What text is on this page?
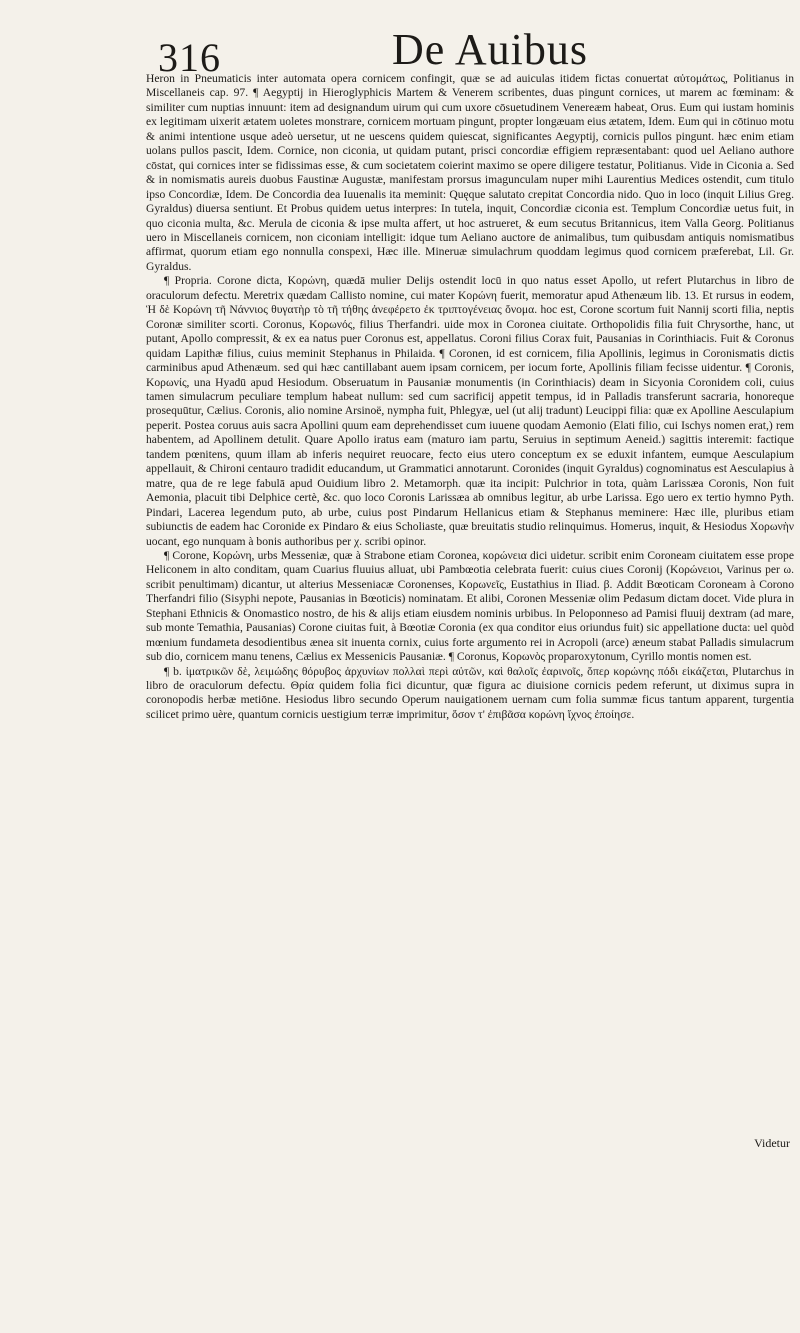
316	De Auibus

Heron in Pneumaticis inter automata opera cornicem confingit, quæ se ad auiculas itidem fictas conuertat αὐτομάτως, Politianus in Miscellaneis cap. 97. ¶ Aegyptij in Hieroglyphicis Martem & Venerem scribentes, duas pingunt cornices, ut marem ac fœminam: & similiter cum nuptias innuunt: item ad designandum uirum qui cum uxore cōsuetudinem Venereæm habeat, Orus. Eum qui iustam hominis ex legitimam uixerit ætatem uoletes monstrare, cornicem mortuam pingunt, propter longæuam eius ætatem, Idem. Eum qui in cōtinuo motu & animi intentione usque adeò uersetur, ut ne uescens quidem quiescat, significantes Aegyptij, cornicis pullos pingunt. hæc enim etiam uolans pullos pascit, Idem. Cornice, non ciconia, ut quidam putant, prisci concordiæ effigiem repræsentabant: quod uel Aeliano authore cōstat, qui cornices inter se fidissimas esse, & cum societatem coierint maximo se opere diligere testatur, Politianus. Vide in Ciconia a. Sed & in nomismatis aureis duobus Faustinæ Augustæ, manifestam prorsus imagunculam nuper mihi Laurentius Medices ostendit, cum titulo ipso Concordiæ, Idem. De Concordia dea Iuuenalis ita meminit: Quęque salutato crepitat Concordia nido. Quo in loco (inquit Lilius Greg. Gyraldus) diuersa sentiunt. Et Probus quidem uetus interpres: In tutela, inquit, Concordiæ ciconia est. Templum Concordiæ uetus fuit, in quo ciconia multa, &c. Merula de ciconia & ipse multa affert, ut hoc astrueret, & eum secutus Britannicus, item Valla Georg. Politianus uero in Miscellaneis cornicem, non ciconiam intelligit: idque tum Aeliano auctore de animalibus, tum quibusdam antiquis nomismatibus affirmat, quorum etiam ego nonnulla conspexi, Hæc ille. Mineruæ simulachrum quoddam legimus quod cornicem præferebat, Lil. Gr. Gyraldus.

¶ Propria. Corone dicta, Κορώνη, quædā mulier Delijs ostendit locū in quo natus esset Apollo, ut refert Plutarchus in libro de oraculorum defectu. Meretrix quædam Callisto nomine, cui mater Κορώνη fuerit, memoratur apud Athenæum lib. 13. Et rursus in eodem, Ἡ δὲ Κορώνη τῆ Νάννιος θυγατὴρ τὸ τῆ τήθης ἀνεφέρετο ἐκ τριπτογένειας ὄνομα. hoc est, Corone scortum fuit Nannij scorti filia, neptis Coronæ similiter scorti. Coronus, Κορωνός, filius Therfandri. uide mox in Coronea ciuitate. Orthopolidis filia fuit Chrysorthe, hanc, ut putant, Apollo compressit, & ex ea natus puer Coronus est, appellatus. Coroni filius Corax fuit, Pausanias in Corinthiacis. Fuit & Coronus quidam Lapithæ filius, cuius meminit Stephanus in Philaida. ¶ Coronen, id est cornicem, filia Apollinis, legimus in Coronismatis dictis carminibus apud Athenæum. sed qui hæc cantillabant auem ipsam cornicem, per iocum forte, Apollinis filiam fecisse uidentur. ¶ Coronis, Κορωνίς, una Hyadū apud Hesiodum. Obseruatum in Pausaniæ monumentis (in Corinthiacis) deam in Sicyonia Coronidem coli, cuius tamen simulacrum peculiare templum habeat nullum: sed cum sacrificij appetit tempus, id in Palladis transferunt sacraria, honoreque prosequūtur, Cælius. Coronis, alio nomine Arsinoë, nympha fuit, Phlegyæ, uel (ut alij tradunt) Leucippi filia: quæ ex Apolline Aesculapium peperit. Postea coruus auis sacra Apollini quum eam deprehendisset cum iuuene quodam Aemonio (Elati filio, cui Ischys nomen erat,) rem habentem, ad Apollinem detulit. Quare Apollo iratus eam (maturo iam partu, Seruius in septimum Aeneid.) sagittis interemit: factique tandem pœnitens, quum illam ab inferis nequiret reuocare, fecto eius utero conceptum ex se eduxit infantem, eumque Aesculapium appellauit, & Chironi centauro tradidit educandum, ut Grammatici annotarunt. Coronides (inquit Gyraldus) cognominatus est Aesculapius à matre, qua de re lege fabulā apud Ouidium libro 2. Metamorph. quæ ita incipit: Pulchrior in tota, quàm Larissæa Coronis, Non fuit Aemonia, placuit tibi Delphice certè, &c. quo loco Coronis Larissæa ab omnibus legitur, ab urbe Larissa. Ego uero ex tertio hymno Pyth. Pindari, Lacerea legendum puto, ab urbe, cuius post Pindarum Hellanicus etiam & Stephanus meminere: Hæc ille, pluribus etiam subiunctis de eadem hac Coronide ex Pindaro & eius Scholiaste, quæ breuitatis studio relinquimus. Homerus, inquit, & Hesiodus Χορωνὴν uocant, ego nunquam à bonis authoribus per χ. scribi opinor.

¶ Corone, Κορώνη, urbs Messeniæ, quæ à Strabone etiam Coronea, κορώνεια dici uidetur. scribit enim Coroneam ciuitatem esse prope Heliconem in alto conditam, quam Cuarius fluuius alluat, ubi Pambœotia celebrata fuerit: cuius ciues Coronij (Κορώνειοι, Varinus per ω. scribit penultimam) dicantur, ut alterius Messeniacæ Coronenses, Κορωνεῖς, Eustathius in Iliad. β. Addit Bœoticam Coroneam à Corono Therfandri filio (Sisyphi nepote, Pausanias in Bœoticis) nominatam. Et alibi, Coronen Messeniæ olim Pedasum dictam docet. Vide plura in Stephani Ethnicis & Onomastico nostro, de his & alijs etiam eiusdem nominis urbibus. In Peloponneso ad Pamisi fluuij dextram (ad mare, sub monte Temathia, Pausanias) Corone ciuitas fuit, à Bœotiæ Coronia (ex qua conditor eius oriundus fuit) sic appellatione ducta: uel quòd mœnium fundameta desodientibus ænea sit inuenta cornix, cuius forte argumento rei in Acropoli (arce) æneum stabat Palladis simulacrum sub dio, cornicem manu tenens, Cælius ex Messenicis Pausaniæ. ¶ Coronus, Κορωνὸς proparoxytonum, Cyrillo montis nomen est.

¶ b. ἱματρικῶν δὲ, λειμώδης θόρυβος ἀρχυνίων πολλαὶ περὶ αὐτῶν, καὶ θαλοῖς ἐαρινοῖς, ὅπερ κορώνης πόδι εἰκάζεται, Plutarchus in libro de oraculorum defectu. Θρία quidem folia fici dicuntur, quæ figura ac diuisione cornicis pedem referunt, ut diximus supra in coronopodis herbæ metiōne. Hesiodus libro secundo Operum nauigationem uernam cum folia summæ ficus tantum apparent, turgentia scilicet primo uère, quantum cornicis uestigium terræ imprimitur, ὅσον τ' ἐπιβᾶσα κορώνη ἴχνος ἐποίησε.

Videtur
